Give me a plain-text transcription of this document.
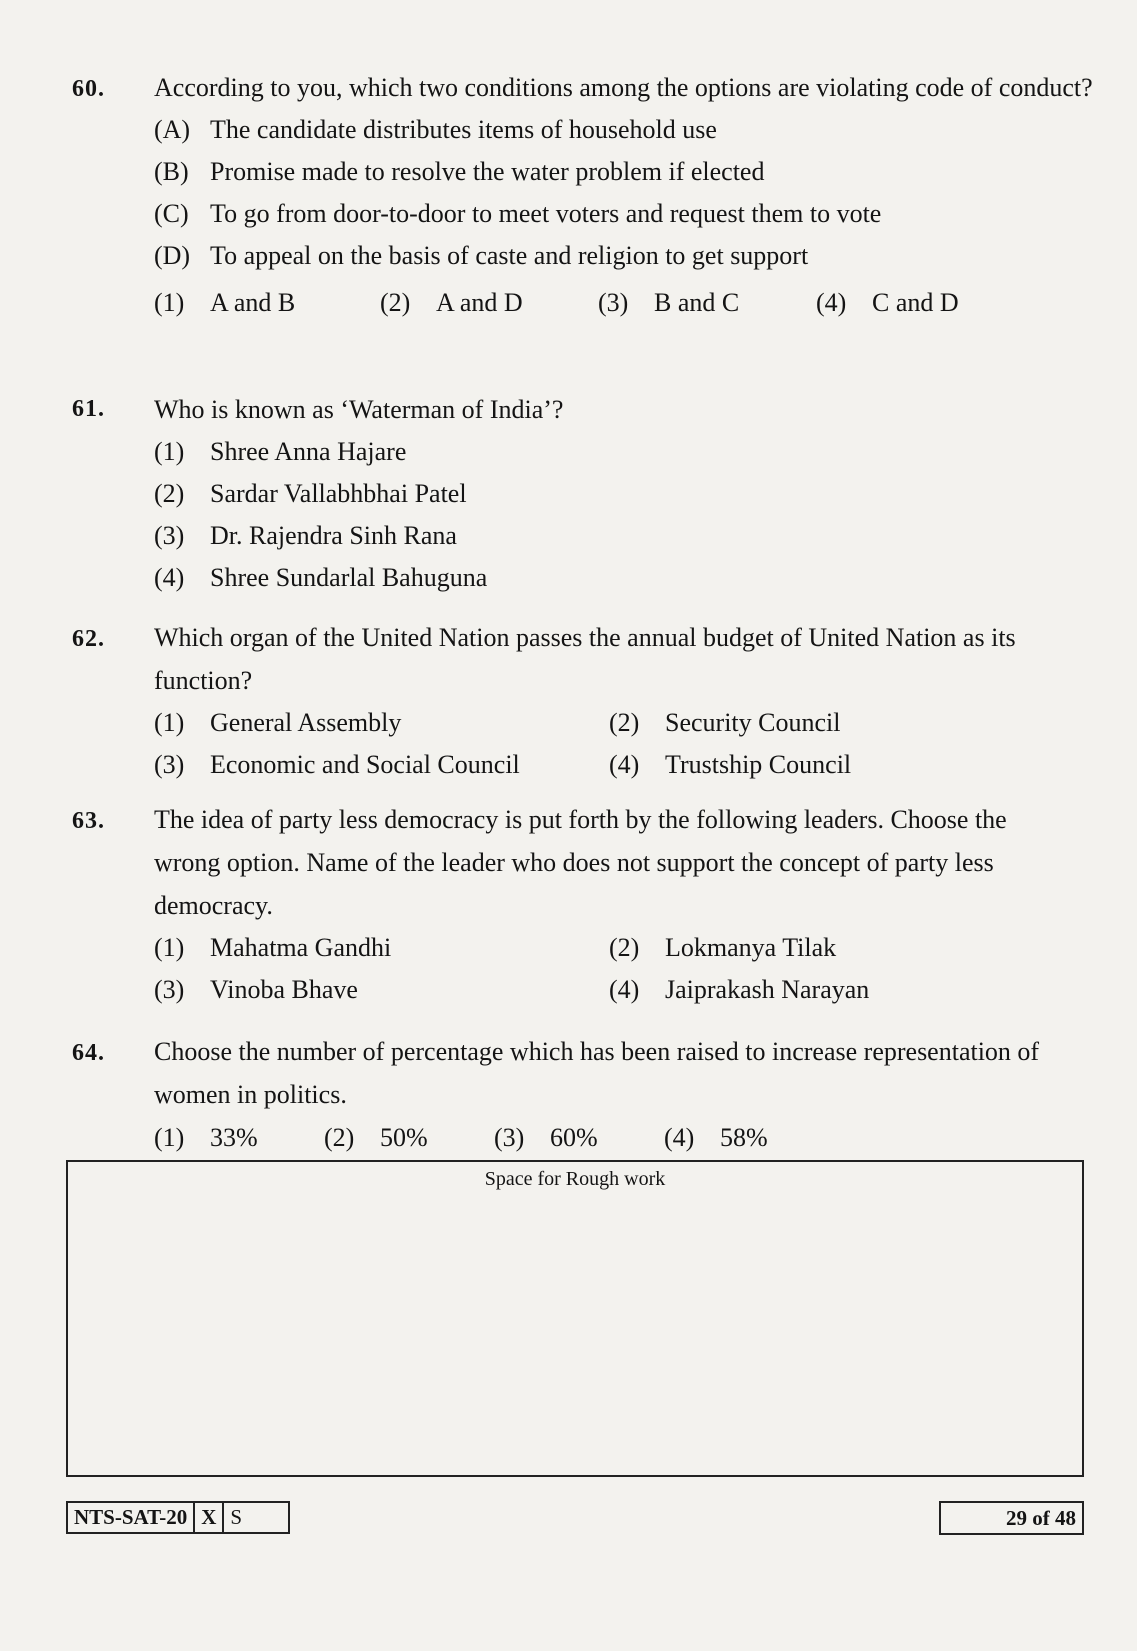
60. According to you, which two conditions among the options are violating code of conduct?
(A) The candidate distributes items of household use
(B) Promise made to resolve the water problem if elected
(C) To go from door-to-door to meet voters and request them to vote
(D) To appeal on the basis of caste and religion to get support
(1) A and B	(2) A and D	(3) B and C	(4) C and D
61. Who is known as ‘Waterman of India’?
(1) Shree Anna Hajare
(2) Sardar Vallabhbhai Patel
(3) Dr. Rajendra Sinh Rana
(4) Shree Sundarlal Bahuguna
62. Which organ of the United Nation passes the annual budget of United Nation as its function?
(1) General Assembly	(2) Security Council
(3) Economic and Social Council	(4) Trustship Council
63. The idea of party less democracy is put forth by the following leaders. Choose the wrong option. Name of the leader who does not support the concept of party less democracy.
(1) Mahatma Gandhi	(2) Lokmanya Tilak
(3) Vinoba Bhave	(4) Jaiprakash Narayan
64. Choose the number of percentage which has been raised to increase representation of women in politics.
(1) 33%	(2) 50%	(3) 60%	(4) 58%
Space for Rough work
NTS-SAT-20 X S	29 of 48
